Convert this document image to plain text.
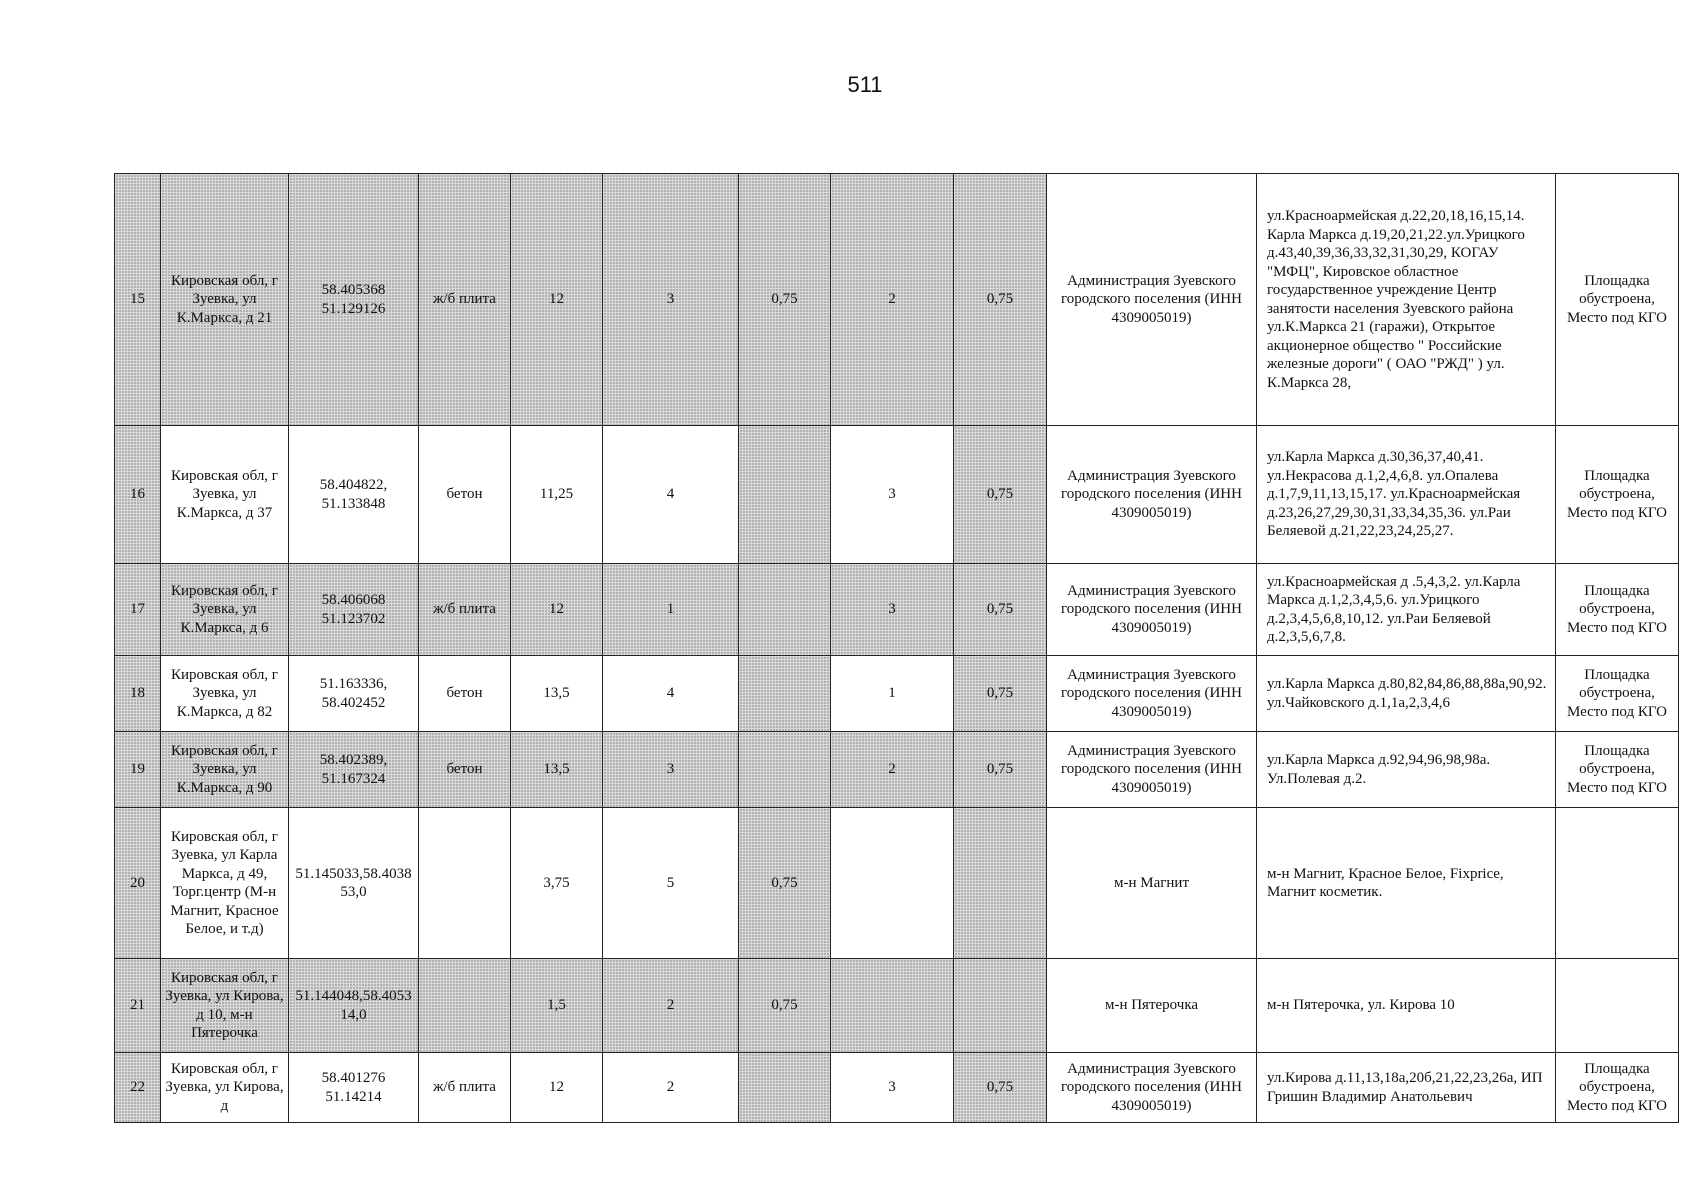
511
15	Кировская обл, г Зуевка, ул К.Маркса, д 21	58.405368 51.129126	ж/б плита	12	3	0,75	2	0,75	Администрация Зуевского городского поселения (ИНН 4309005019)	ул.Красноармейская д.22,20,18,16,15,14. Карла Маркса д.19,20,21,22.ул.Урицкого д.43,40,39,36,33,32,31,30,29, КОГАУ "МФЦ", Кировское областное государственное учреждение Центр занятости населения Зуевского района ул.К.Маркса 21 (гаражи), Открытое акционерное общество " Российские железные дороги" ( ОАО "РЖД" ) ул. К.Маркса 28,	Площадка обустроена, Место под КГО
16	Кировская обл, г Зуевка, ул К.Маркса, д 37	58.404822, 51.133848	бетон	11,25	4		3	0,75	Администрация Зуевского городского поселения (ИНН 4309005019)	ул.Карла Маркса д.30,36,37,40,41. ул.Некрасова д.1,2,4,6,8. ул.Опалева д.1,7,9,11,13,15,17. ул.Красноармейская д.23,26,27,29,30,31,33,34,35,36. ул.Раи Беляевой д.21,22,23,24,25,27.	Площадка обустроена, Место под КГО
17	Кировская обл, г Зуевка, ул К.Маркса, д 6	58.406068 51.123702	ж/б плита	12	1		3	0,75	Администрация Зуевского городского поселения (ИНН 4309005019)	ул.Красноармейская д .5,4,3,2. ул.Карла Маркса д.1,2,3,4,5,6. ул.Урицкого д.2,3,4,5,6,8,10,12. ул.Раи Беляевой д.2,3,5,6,7,8.	Площадка обустроена, Место под КГО
18	Кировская обл, г Зуевка, ул К.Маркса, д 82	51.163336, 58.402452	бетон	13,5	4		1	0,75	Администрация Зуевского городского поселения (ИНН 4309005019)	ул.Карла Маркса д.80,82,84,86,88,88а,90,92. ул.Чайковского д.1,1а,2,3,4,6	Площадка обустроена, Место под КГО
19	Кировская обл, г Зуевка, ул К.Маркса, д 90	58.402389, 51.167324	бетон	13,5	3		2	0,75	Администрация Зуевского городского поселения (ИНН 4309005019)	ул.Карла Маркса д.92,94,96,98,98а. Ул.Полевая д.2.	Площадка обустроена, Место под КГО
20	Кировская обл, г Зуевка, ул Карла Маркса, д 49, Торг.центр (М-н Магнит, Красное Белое, и т.д)	51.145033,58.403853,0		3,75	5	0,75			м-н Магнит	м-н Магнит, Красное Белое, Fixprice, Магнит косметик.	
21	Кировская обл, г Зуевка, ул Кирова, д 10, м-н Пятерочка	51.144048,58.405314,0		1,5	2	0,75			м-н Пятерочка	м-н Пятерочка, ул. Кирова 10	
22	Кировская обл, г Зуевка, ул Кирова, д	58.401276 51.14214	ж/б плита	12	2		3	0,75	Администрация Зуевского городского поселения (ИНН 4309005019)	ул.Кирова д.11,13,18а,20б,21,22,23,26а, ИП Гришин Владимир Анатольевич	Площадка обустроена, Место под КГО
